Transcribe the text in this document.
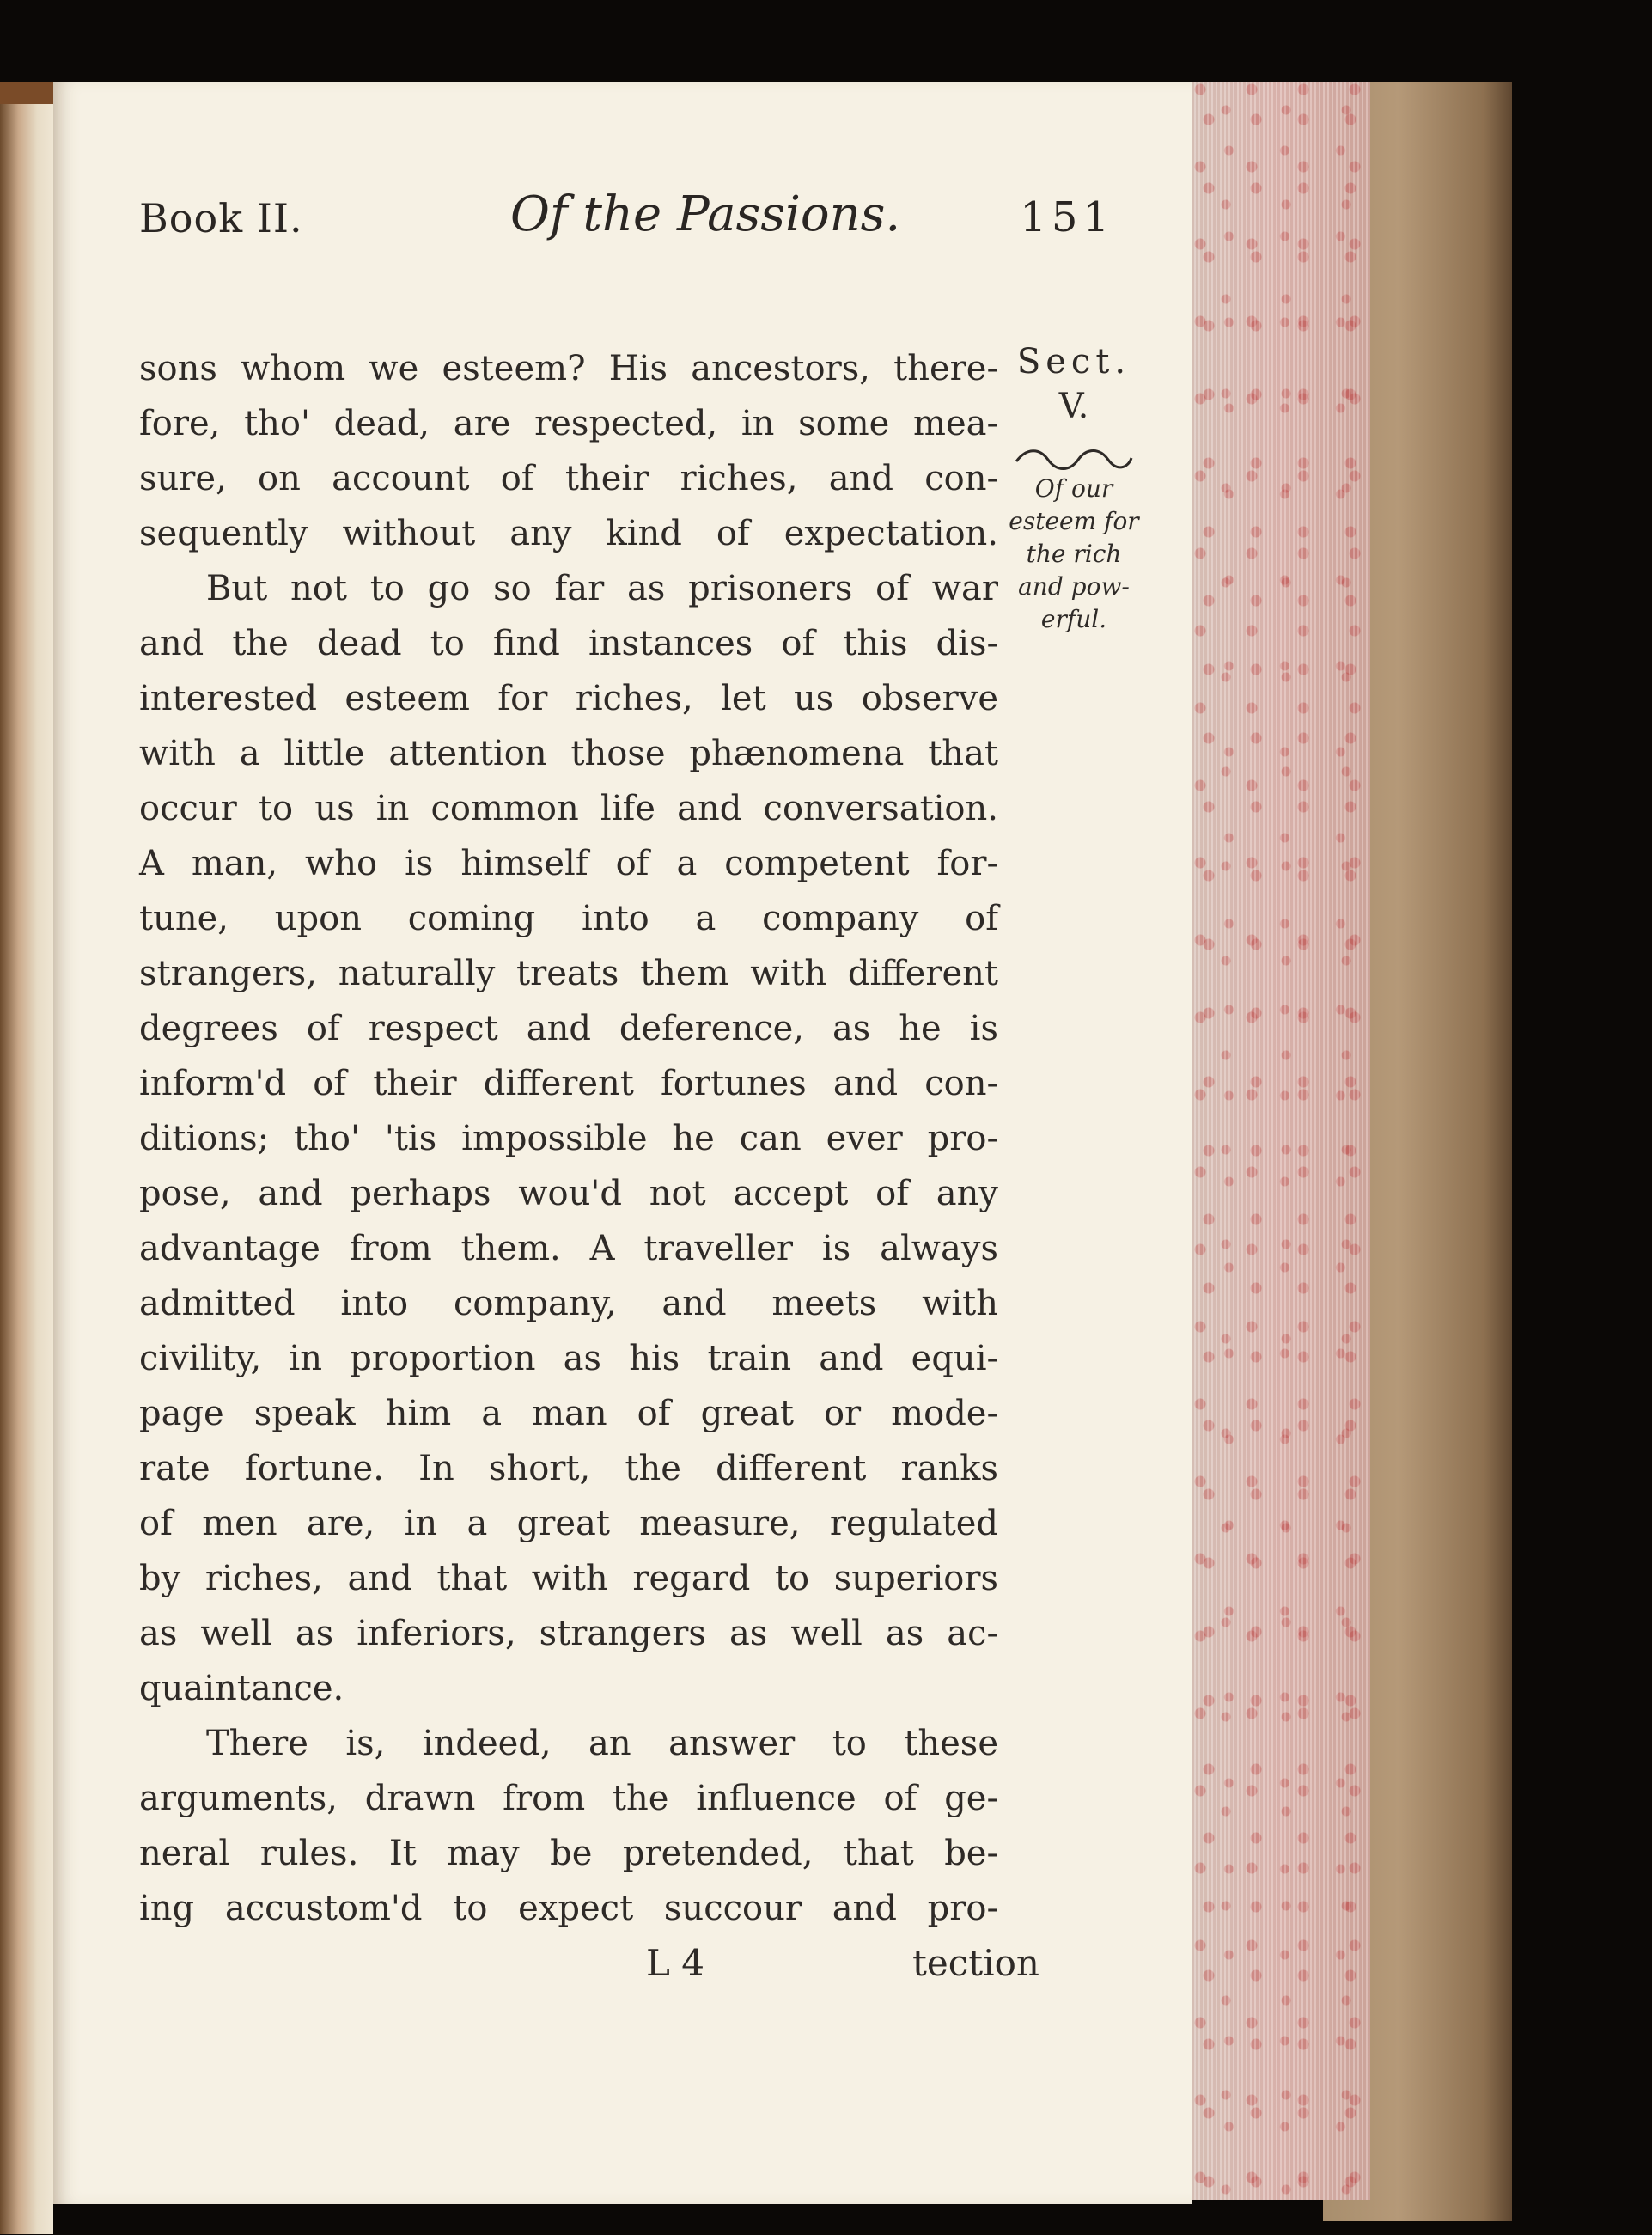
Book II.	Of the Passions.	151
sons whom we esteem? His ancestors, there-
fore, tho' dead, are respected, in some mea-
sure, on account of their riches, and con-
sequently without any kind of expectation.
But not to go so far as prisoners of war
and the dead to find instances of this dis-
interested esteem for riches, let us observe
with a little attention those phænomena that
occur to us in common life and conversation.
A man, who is himself of a competent for-
tune, upon coming into a company of
strangers, naturally treats them with different
degrees of respect and deference, as he is
inform'd of their different fortunes and con-
ditions; tho' 'tis impossible he can ever pro-
pose, and perhaps wou'd not accept of any
advantage from them. A traveller is always
admitted into company, and meets with
civility, in proportion as his train and equi-
page speak him a man of great or mode-
rate fortune. In short, the different ranks
of men are, in a great measure, regulated
by riches, and that with regard to superiors
as well as inferiors, strangers as well as ac-
quaintance.
There is, indeed, an answer to these
arguments, drawn from the influence of ge-
neral rules. It may be pretended, that be-
ing accustom'd to expect succour and pro-
Sect.
V.
Of our
esteem for
the rich
and pow-
erful.
L 4	tection
